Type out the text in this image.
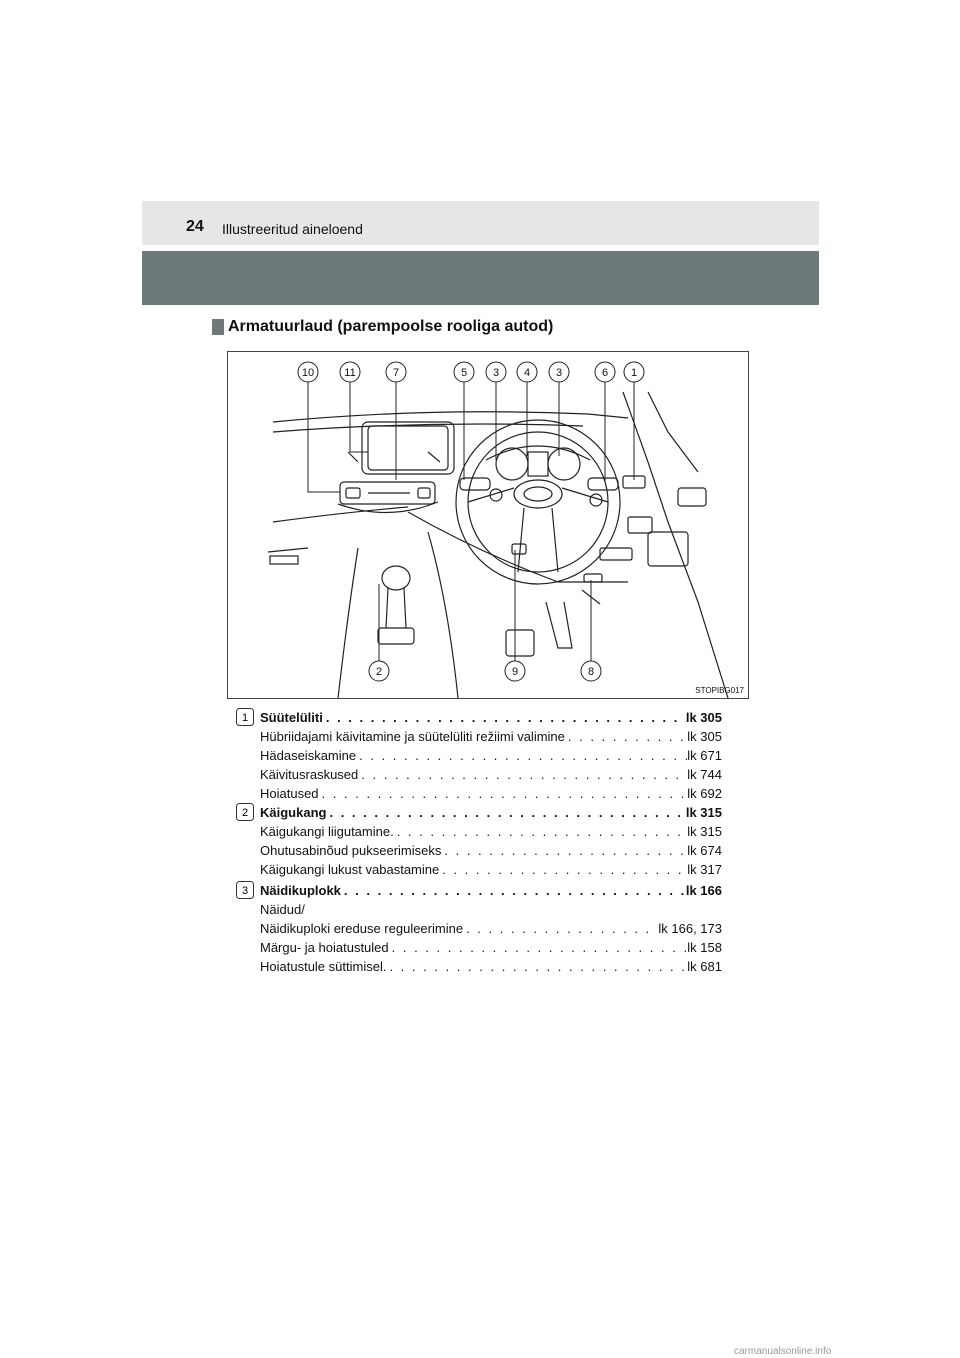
24 Illustreeritud aineloend
Armatuurlaud (parempoolse rooliga autod)
10	11	7	5 3 4 3	6 1
2	9	8
STOPIBG017
1 Süütelüliti . . .	lk 305
Hübriidajami käivitamine ja süütelüliti režiimi valimine . . .	lk 305
Hädaseiskamine . . .	lk 671
Käivitusraskused . . .	lk 744
Hoiatused . . .	lk 692
2 Käigukang . . .	lk 315
Käigukangi liigutamine. . . .	lk 315
Ohutusabinõud pukseerimiseks . . .	lk 674
Käigukangi lukust vabastamine . . .	lk 317
3 Näidikuplokk . . .	lk 166
Näidud/
Näidikuploki ereduse reguleerimine . . .	lk 166, 173
Märgu- ja hoiatustuled . . .	lk 158
Hoiatustule süttimisel. . . .	lk 681
carmanualsonline.info
